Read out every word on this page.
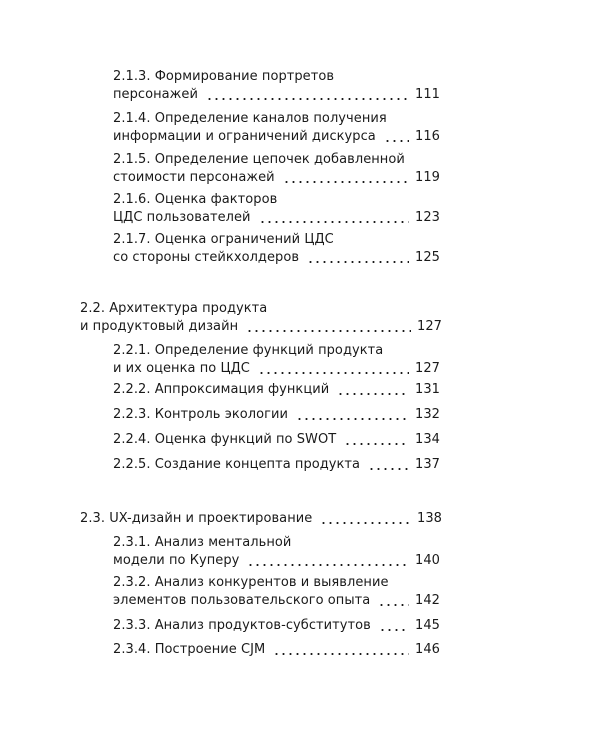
2.1.3. Формирование портретов
персонажей	111
2.1.4. Определение каналов получения
информации и ограничений дискурса	116
2.1.5. Определение цепочек добавленной
стоимости персонажей	119
2.1.6. Оценка факторов
ЦДС пользователей	123
2.1.7. Оценка ограничений ЦДС
со стороны стейкхолдеров	125
2.2. Архитектура продукта
и продуктовый дизайн	127
2.2.1. Определение функций продукта
и их оценка по ЦДС	127
2.2.2. Аппроксимация функций	131
2.2.3. Контроль экологии	132
2.2.4. Оценка функций по SWOT	134
2.2.5. Создание концепта продукта	137
2.3. UX-дизайн и проектирование	138
2.3.1. Анализ ментальной
модели по Куперу	140
2.3.2. Анализ конкурентов и выявление
элементов пользовательского опыта	142
2.3.3. Анализ продуктов-субститутов	145
2.3.4. Построение CJM	146
